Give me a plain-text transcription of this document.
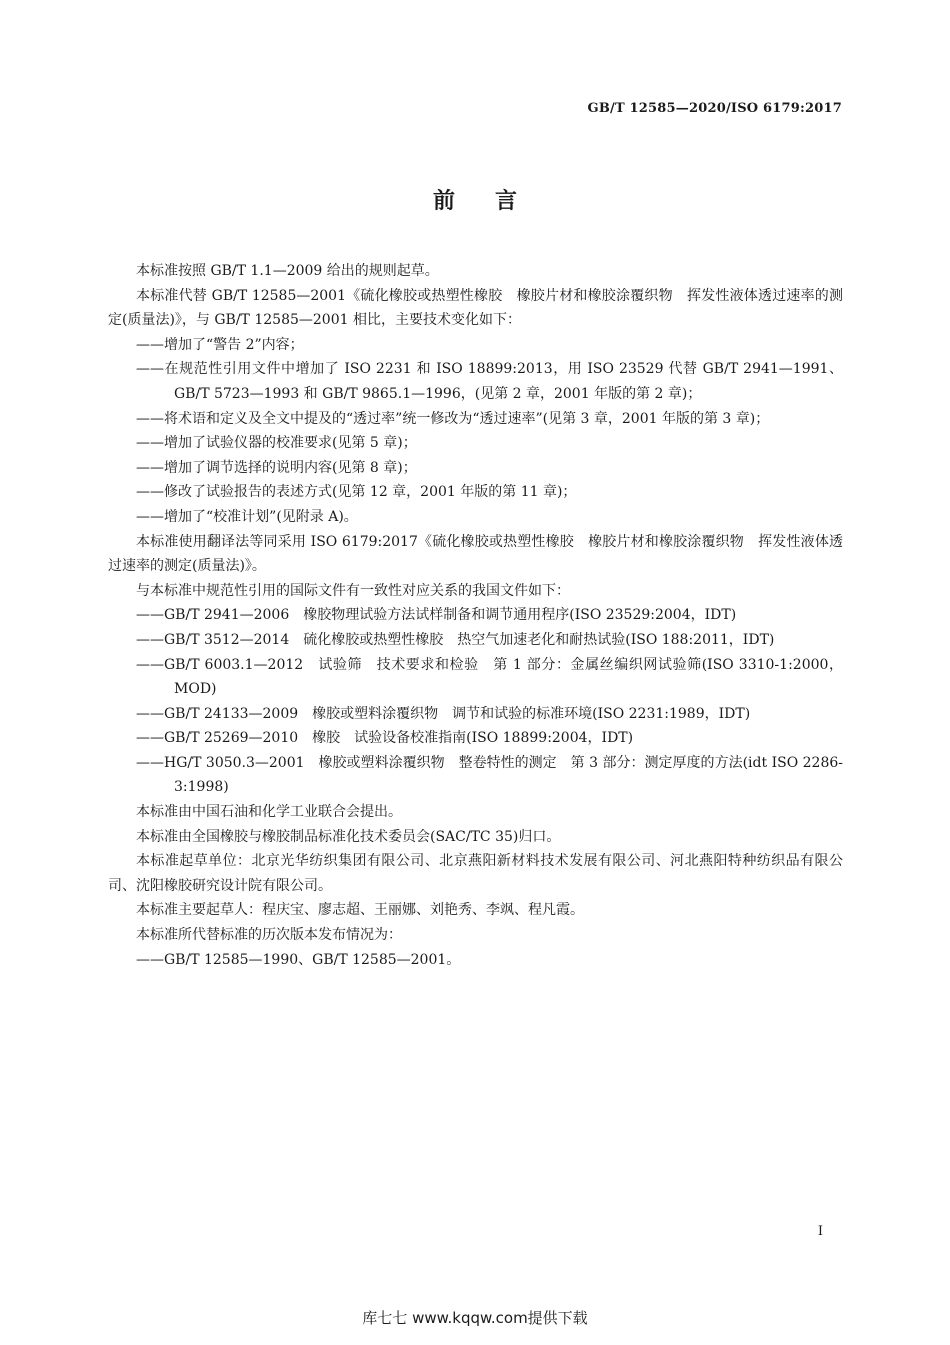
GB/T 12585—2020/ISO 6179:2017
前言

本标准按照 GB/T 1.1—2009 给出的规则起草。

本标准代替 GB/T 12585—2001《硫化橡胶或热塑性橡胶　橡胶片材和橡胶涂覆织物　挥发性液体透过速率的测定(质量法)》，与 GB/T 12585—2001 相比，主要技术变化如下：

——增加了“警告 2”内容；

——在规范性引用文件中增加了 ISO 2231 和 ISO 18899:2013，用 ISO 23529 代替 GB/T 2941—1991、GB/T 5723—1993 和 GB/T 9865.1—1996，(见第 2 章，2001 年版的第 2 章)；

——将术语和定义及全文中提及的“透过率”统一修改为“透过速率”(见第 3 章，2001 年版的第 3 章)；

——增加了试验仪器的校准要求(见第 5 章)；

——增加了调节选择的说明内容(见第 8 章)；

——修改了试验报告的表述方式(见第 12 章，2001 年版的第 11 章)；

——增加了“校准计划”(见附录 A)。

本标准使用翻译法等同采用 ISO 6179:2017《硫化橡胶或热塑性橡胶　橡胶片材和橡胶涂覆织物　挥发性液体透过速率的测定(质量法)》。

与本标准中规范性引用的国际文件有一致性对应关系的我国文件如下：

——GB/T 2941—2006　橡胶物理试验方法试样制备和调节通用程序(ISO 23529:2004，IDT)

——GB/T 3512—2014　硫化橡胶或热塑性橡胶　热空气加速老化和耐热试验(ISO 188:2011，IDT)

——GB/T 6003.1—2012　试验筛　技术要求和检验　第 1 部分：金属丝编织网试验筛(ISO 3310-1:2000，MOD)

——GB/T 24133—2009　橡胶或塑料涂覆织物　调节和试验的标准环境(ISO 2231:1989，IDT)

——GB/T 25269—2010　橡胶　试验设备校准指南(ISO 18899:2004，IDT)

——HG/T 3050.3—2001　橡胶或塑料涂覆织物　整卷特性的测定　第 3 部分：测定厚度的方法(idt ISO 2286-3:1998)

本标准由中国石油和化学工业联合会提出。

本标准由全国橡胶与橡胶制品标准化技术委员会(SAC/TC 35)归口。

本标准起草单位：北京光华纺织集团有限公司、北京燕阳新材料技术发展有限公司、河北燕阳特种纺织品有限公司、沈阳橡胶研究设计院有限公司。

本标准主要起草人：程庆宝、廖志超、王丽娜、刘艳秀、李飒、程凡霞。

本标准所代替标准的历次版本发布情况为：

——GB/T 12585—1990、GB/T 12585—2001。

I
库七七 www.kqqw.com提供下载
